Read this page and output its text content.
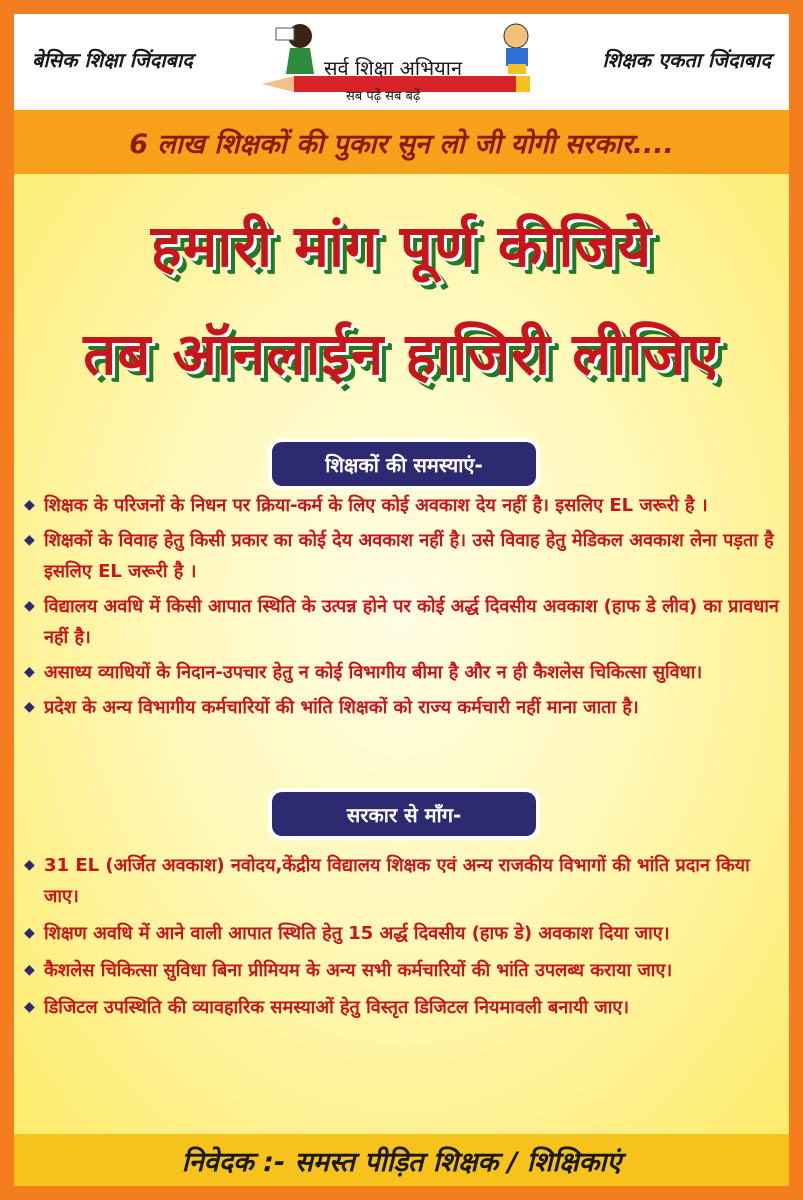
बेसिक शिक्षा जिंदाबाद	सर्व शिक्षा अभियान
सब पढ़ें सब बढ़ें
शिक्षक एकता जिंदाबाद
6 लाख शिक्षकों की पुकार सुन लो जी योगी सरकार....
हमारी मांग पूर्ण कीजिये
तब ऑनलाईन हाजिरी लीजिए
शिक्षकों की समस्याएं-
◆ शिक्षक के परिजनों के निधन पर क्रिया-कर्म के लिए कोई अवकाश देय नहीं है। इसलिए EL जरूरी है ।
◆ शिक्षकों के विवाह हेतु किसी प्रकार का कोई देय अवकाश नहीं है। उसे विवाह हेतु मेडिकल अवकाश लेना पड़ता है इसलिए EL जरूरी है ।
◆ विद्यालय अवधि में किसी आपात स्थिति के उत्पन्न होने पर कोई अर्द्ध दिवसीय अवकाश (हाफ डे लीव) का प्रावधान नहीं है।
◆ असाध्य व्याधियों के निदान-उपचार हेतु न कोई विभागीय बीमा है और न ही कैशलेस चिकित्सा सुविधा।
◆ प्रदेश के अन्य विभागीय कर्मचारियों की भांति शिक्षकों को राज्य कर्मचारी नहीं माना जाता है।
सरकार से माँग-
◆ 31 EL (अर्जित अवकाश) नवोदय,केंद्रीय विद्यालय शिक्षक एवं अन्य राजकीय विभागों की भांति प्रदान किया जाए।
◆ शिक्षण अवधि में आने वाली आपात स्थिति हेतु 15 अर्द्ध दिवसीय (हाफ डे) अवकाश दिया जाए।
◆ कैशलेस चिकित्सा सुविधा बिना प्रीमियम के अन्य सभी कर्मचारियों की भांति उपलब्ध कराया जाए।
◆ डिजिटल उपस्थिति की व्यावहारिक समस्याओं हेतु विस्तृत डिजिटल नियमावली बनायी जाए।
निवेदक :- समस्त पीड़ित शिक्षक / शिक्षिकाएं
